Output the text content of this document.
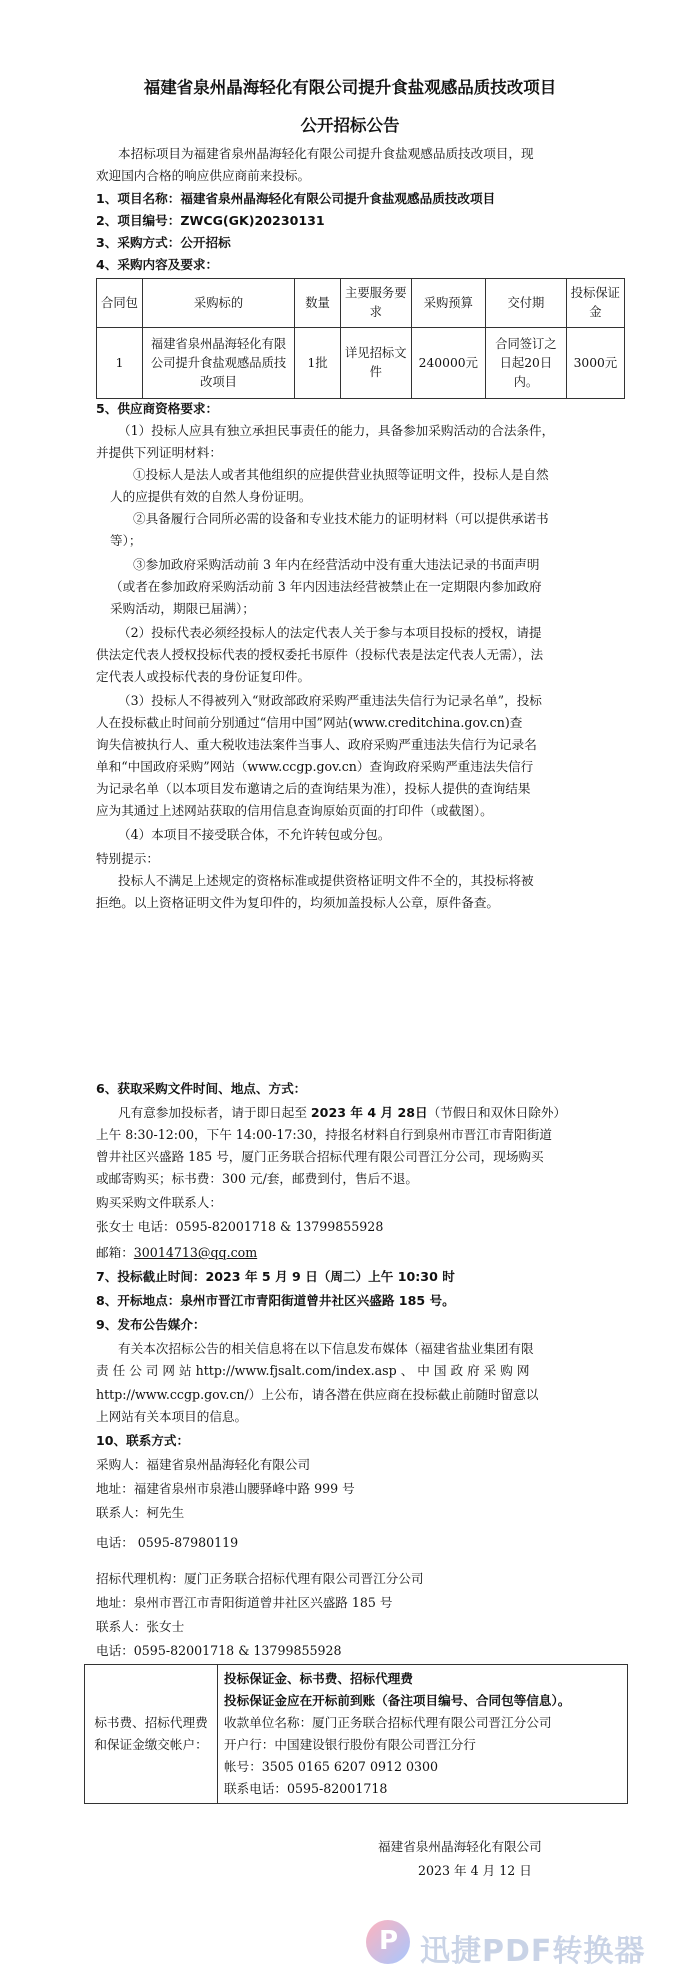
福建省泉州晶海轻化有限公司提升食盐观感品质技改项目
公开招标公告
本招标项目为福建省泉州晶海轻化有限公司提升食盐观感品质技改项目，现
欢迎国内合格的响应供应商前来投标。
1、项目名称：福建省泉州晶海轻化有限公司提升食盐观感品质技改项目
2、项目编号：ZWCG(GK)20230131
3、采购方式：公开招标
4、采购内容及要求：
合同包	采购标的	数量	主要服务要求	采购预算	交付期	投标保证金
1	福建省泉州晶海轻化有限公司提升食盐观感品质技改项目	1批	详见招标文件	240000元	合同签订之日起20日内。	3000元
5、供应商资格要求：
（1）投标人应具有独立承担民事责任的能力，具备参加采购活动的合法条件，
并提供下列证明材料：
①投标人是法人或者其他组织的应提供营业执照等证明文件，投标人是自然
人的应提供有效的自然人身份证明。
②具备履行合同所必需的设备和专业技术能力的证明材料（可以提供承诺书
等）；
③参加政府采购活动前 3 年内在经营活动中没有重大违法记录的书面声明
（或者在参加政府采购活动前 3 年内因违法经营被禁止在一定期限内参加政府
采购活动，期限已届满）；
（2）投标代表必须经投标人的法定代表人关于参与本项目投标的授权，请提
供法定代表人授权投标代表的授权委托书原件（投标代表是法定代表人无需），法
定代表人或投标代表的身份证复印件。
（3）投标人不得被列入“财政部政府采购严重违法失信行为记录名单”，投标
人在投标截止时间前分别通过“信用中国”网站(www.creditchina.gov.cn)查
询失信被执行人、重大税收违法案件当事人、政府采购严重违法失信行为记录名
单和“中国政府采购”网站（www.ccgp.gov.cn）查询政府采购严重违法失信行
为记录名单（以本项目发布邀请之后的查询结果为准），投标人提供的查询结果
应为其通过上述网站获取的信用信息查询原始页面的打印件（或截图）。
（4）本项目不接受联合体，不允许转包或分包。
特别提示：
投标人不满足上述规定的资格标准或提供资格证明文件不全的，其投标将被
拒绝。以上资格证明文件为复印件的，均须加盖投标人公章，原件备查。
6、获取采购文件时间、地点、方式：
凡有意参加投标者，请于即日起至 2023 年 4 月 28日（节假日和双休日除外）
上午 8:30-12:00，下午 14:00-17:30，持报名材料自行到泉州市晋江市青阳街道
曾井社区兴盛路 185 号，厦门正务联合招标代理有限公司晋江分公司，现场购买
或邮寄购买；标书费：300 元/套，邮费到付，售后不退。
购买采购文件联系人：
张女士 电话：0595-82001718 & 13799855928
邮箱：30014713@qq.com
7、投标截止时间：2023 年 5 月 9 日（周二）上午 10:30 时
8、开标地点：泉州市晋江市青阳街道曾井社区兴盛路 185 号。
9、发布公告媒介：
有关本次招标公告的相关信息将在以下信息发布媒体（福建省盐业集团有限
责 任 公 司 网 站 http://www.fjsalt.com/index.asp 、 中 国 政 府 采 购 网
http://www.ccgp.gov.cn/）上公布，请各潜在供应商在投标截止前随时留意以
上网站有关本项目的信息。
10、联系方式：
采购人：福建省泉州晶海轻化有限公司
地址：福建省泉州市泉港山腰驿峰中路 999 号
联系人：柯先生
电话： 0595-87980119
招标代理机构：厦门正务联合招标代理有限公司晋江分公司
地址：泉州市晋江市青阳街道曾井社区兴盛路 185 号
联系人：张女士
电话：0595-82001718 & 13799855928
标书费、招标代理费和保证金缴交帐户：	
投标保证金、标书费、招标代理费
投标保证金应在开标前到账（备注项目编号、合同包等信息）。
收款单位名称：厦门正务联合招标代理有限公司晋江分公司
开户行：中国建设银行股份有限公司晋江分行
帐号：3505 0165 6207 0912 0300
联系电话：0595-82001718
福建省泉州晶海轻化有限公司
2023 年 4 月 12 日
P 迅捷PDF转换器
